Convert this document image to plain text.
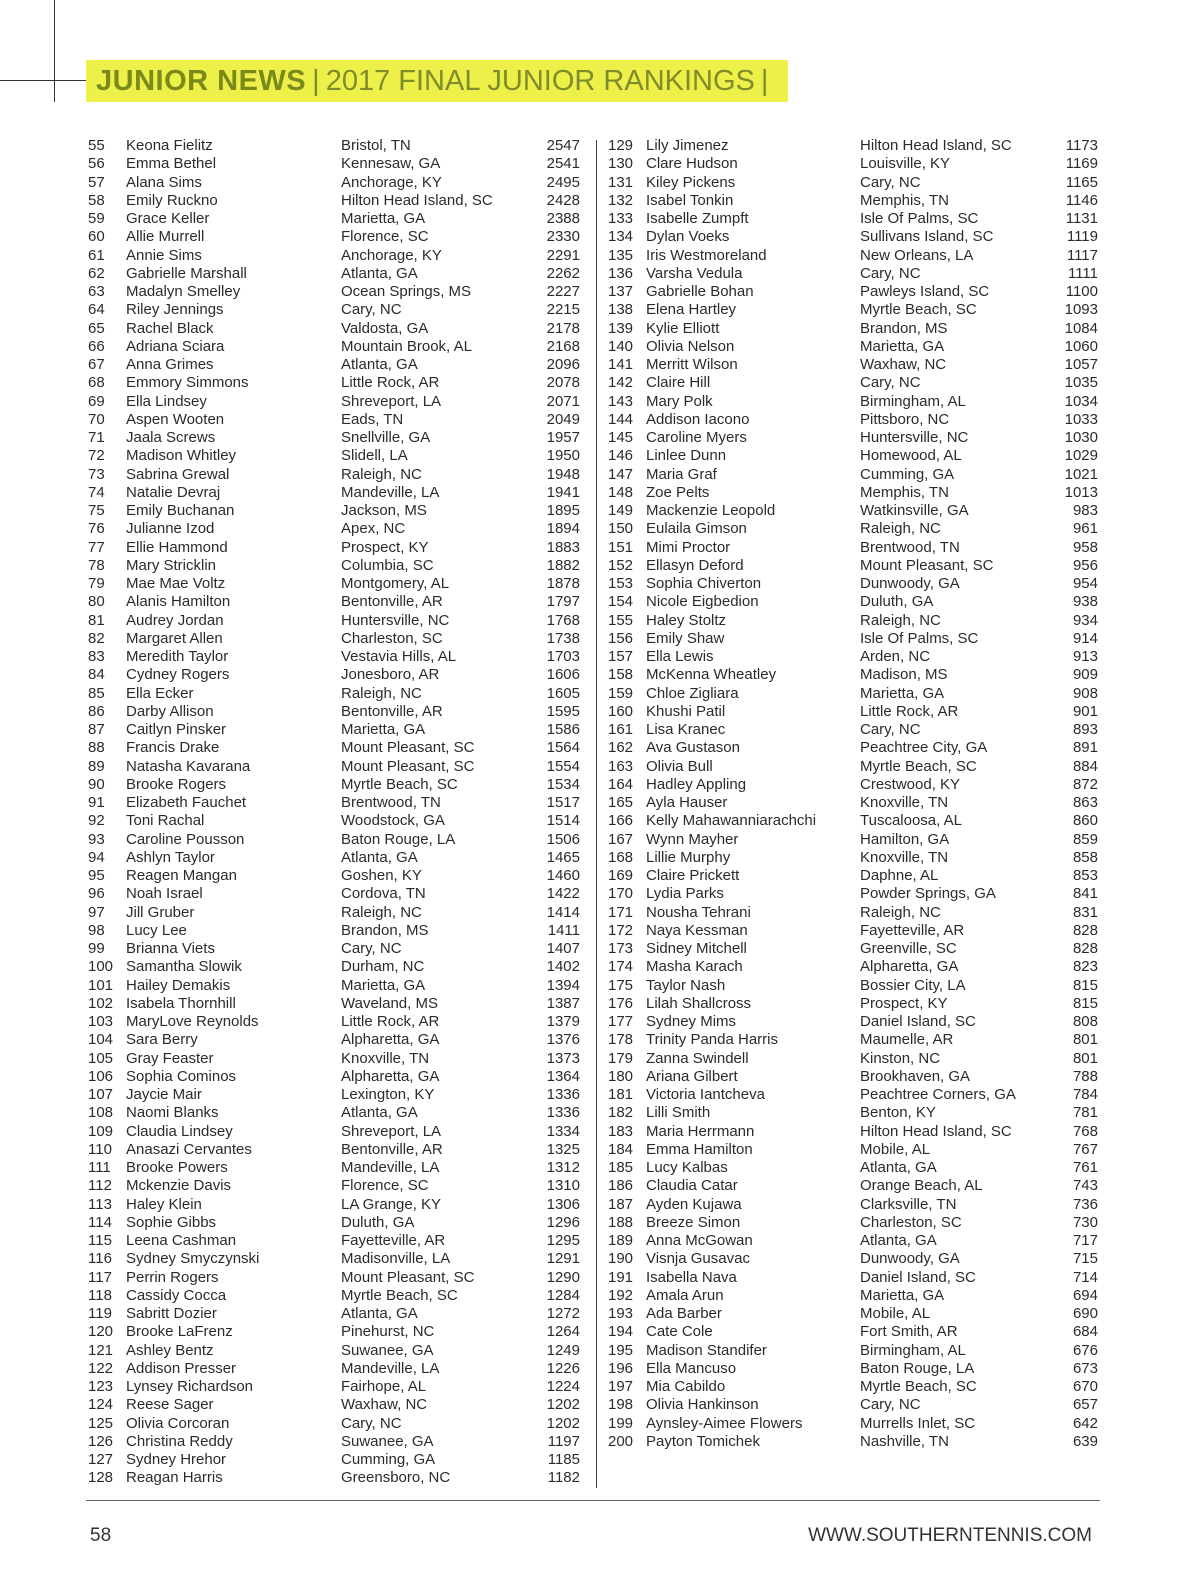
JUNIOR NEWS | 2017 FINAL JUNIOR RANKINGS |
55 Keona Fielitz	Bristol, TN	2547
56 Emma Bethel	Kennesaw, GA	2541
57 Alana Sims	Anchorage, KY	2495
58 Emily Ruckno	Hilton Head Island, SC	2428
59 Grace Keller	Marietta, GA	2388
60 Allie Murrell	Florence, SC	2330
61 Annie Sims	Anchorage, KY	2291
62 Gabrielle Marshall	Atlanta, GA	2262
63 Madalyn Smelley	Ocean Springs, MS	2227
64 Riley Jennings	Cary, NC	2215
65 Rachel Black	Valdosta, GA	2178
66 Adriana Sciara	Mountain Brook, AL	2168
67 Anna Grimes	Atlanta, GA	2096
68 Emmory Simmons	Little Rock, AR	2078
69 Ella Lindsey	Shreveport, LA	2071
70 Aspen Wooten	Eads, TN	2049
71 Jaala Screws	Snellville, GA	1957
72 Madison Whitley	Slidell, LA	1950
73 Sabrina Grewal	Raleigh, NC	1948
74 Natalie Devraj	Mandeville, LA	1941
75 Emily Buchanan	Jackson, MS	1895
76 Julianne Izod	Apex, NC	1894
77 Ellie Hammond	Prospect, KY	1883
78 Mary Stricklin	Columbia, SC	1882
79 Mae Mae Voltz	Montgomery, AL	1878
80 Alanis Hamilton	Bentonville, AR	1797
81 Audrey Jordan	Huntersville, NC	1768
82 Margaret Allen	Charleston, SC	1738
83 Meredith Taylor	Vestavia Hills, AL	1703
84 Cydney Rogers	Jonesboro, AR	1606
85 Ella Ecker	Raleigh, NC	1605
86 Darby Allison	Bentonville, AR	1595
87 Caitlyn Pinsker	Marietta, GA	1586
88 Francis Drake	Mount Pleasant, SC	1564
89 Natasha Kavarana	Mount Pleasant, SC	1554
90 Brooke Rogers	Myrtle Beach, SC	1534
91 Elizabeth Fauchet	Brentwood, TN	1517
92 Toni Rachal	Woodstock, GA	1514
93 Caroline Pousson	Baton Rouge, LA	1506
94 Ashlyn Taylor	Atlanta, GA	1465
95 Reagen Mangan	Goshen, KY	1460
96 Noah Israel	Cordova, TN	1422
97 Jill Gruber	Raleigh, NC	1414
98 Lucy Lee	Brandon, MS	1411
99 Brianna Viets	Cary, NC	1407
100 Samantha Slowik	Durham, NC	1402
101 Hailey Demakis	Marietta, GA	1394
102 Isabela Thornhill	Waveland, MS	1387
103 MaryLove Reynolds	Little Rock, AR	1379
104 Sara Berry	Alpharetta, GA	1376
105 Gray Feaster	Knoxville, TN	1373
106 Sophia Cominos	Alpharetta, GA	1364
107 Jaycie Mair	Lexington, KY	1336
108 Naomi Blanks	Atlanta, GA	1336
109 Claudia Lindsey	Shreveport, LA	1334
110 Anasazi Cervantes	Bentonville, AR	1325
111 Brooke Powers	Mandeville, LA	1312
112 Mckenzie Davis	Florence, SC	1310
113 Haley Klein	LA Grange, KY	1306
114 Sophie Gibbs	Duluth, GA	1296
115 Leena Cashman	Fayetteville, AR	1295
116 Sydney Smyczynski	Madisonville, LA	1291
117 Perrin Rogers	Mount Pleasant, SC	1290
118 Cassidy Cocca	Myrtle Beach, SC	1284
119 Sabritt Dozier	Atlanta, GA	1272
120 Brooke LaFrenz	Pinehurst, NC	1264
121 Ashley Bentz	Suwanee, GA	1249
122 Addison Presser	Mandeville, LA	1226
123 Lynsey Richardson	Fairhope, AL	1224
124 Reese Sager	Waxhaw, NC	1202
125 Olivia Corcoran	Cary, NC	1202
126 Christina Reddy	Suwanee, GA	1197
127 Sydney Hrehor	Cumming, GA	1185
128 Reagan Harris	Greensboro, NC	1182
129 Lily Jimenez	Hilton Head Island, SC	1173
130 Clare Hudson	Louisville, KY	1169
131 Kiley Pickens	Cary, NC	1165
132 Isabel Tonkin	Memphis, TN	1146
133 Isabelle Zumpft	Isle Of Palms, SC	1131
134 Dylan Voeks	Sullivans Island, SC	1119
135 Iris Westmoreland	New Orleans, LA	1117
136 Varsha Vedula	Cary, NC	1111
137 Gabrielle Bohan	Pawleys Island, SC	1100
138 Elena Hartley	Myrtle Beach, SC	1093
139 Kylie Elliott	Brandon, MS	1084
140 Olivia Nelson	Marietta, GA	1060
141 Merritt Wilson	Waxhaw, NC	1057
142 Claire Hill	Cary, NC	1035
143 Mary Polk	Birmingham, AL	1034
144 Addison Iacono	Pittsboro, NC	1033
145 Caroline Myers	Huntersville, NC	1030
146 Linlee Dunn	Homewood, AL	1029
147 Maria Graf	Cumming, GA	1021
148 Zoe Pelts	Memphis, TN	1013
149 Mackenzie Leopold	Watkinsville, GA	983
150 Eulaila Gimson	Raleigh, NC	961
151 Mimi Proctor	Brentwood, TN	958
152 Ellasyn Deford	Mount Pleasant, SC	956
153 Sophia Chiverton	Dunwoody, GA	954
154 Nicole Eigbedion	Duluth, GA	938
155 Haley Stoltz	Raleigh, NC	934
156 Emily Shaw	Isle Of Palms, SC	914
157 Ella Lewis	Arden, NC	913
158 McKenna Wheatley	Madison, MS	909
159 Chloe Zigliara	Marietta, GA	908
160 Khushi Patil	Little Rock, AR	901
161 Lisa Kranec	Cary, NC	893
162 Ava Gustason	Peachtree City, GA	891
163 Olivia Bull	Myrtle Beach, SC	884
164 Hadley Appling	Crestwood, KY	872
165 Ayla Hauser	Knoxville, TN	863
166 Kelly Mahawanniarachchi	Tuscaloosa, AL	860
167 Wynn Mayher	Hamilton, GA	859
168 Lillie Murphy	Knoxville, TN	858
169 Claire Prickett	Daphne, AL	853
170 Lydia Parks	Powder Springs, GA	841
171 Nousha Tehrani	Raleigh, NC	831
172 Naya Kessman	Fayetteville, AR	828
173 Sidney Mitchell	Greenville, SC	828
174 Masha Karach	Alpharetta, GA	823
175 Taylor Nash	Bossier City, LA	815
176 Lilah Shallcross	Prospect, KY	815
177 Sydney Mims	Daniel Island, SC	808
178 Trinity Panda Harris	Maumelle, AR	801
179 Zanna Swindell	Kinston, NC	801
180 Ariana Gilbert	Brookhaven, GA	788
181 Victoria Iantcheva	Peachtree Corners, GA	784
182 Lilli Smith	Benton, KY	781
183 Maria Herrmann	Hilton Head Island, SC	768
184 Emma Hamilton	Mobile, AL	767
185 Lucy Kalbas	Atlanta, GA	761
186 Claudia Catar	Orange Beach, AL	743
187 Ayden Kujawa	Clarksville, TN	736
188 Breeze Simon	Charleston, SC	730
189 Anna McGowan	Atlanta, GA	717
190 Visnja Gusavac	Dunwoody, GA	715
191 Isabella Nava	Daniel Island, SC	714
192 Amala Arun	Marietta, GA	694
193 Ada Barber	Mobile, AL	690
194 Cate Cole	Fort Smith, AR	684
195 Madison Standifer	Birmingham, AL	676
196 Ella Mancuso	Baton Rouge, LA	673
197 Mia Cabildo	Myrtle Beach, SC	670
198 Olivia Hankinson	Cary, NC	657
199 Aynsley-Aimee Flowers	Murrells Inlet, SC	642
200 Payton Tomichek	Nashville, TN	639
58	WWW.SOUTHERNTENNIS.COM
